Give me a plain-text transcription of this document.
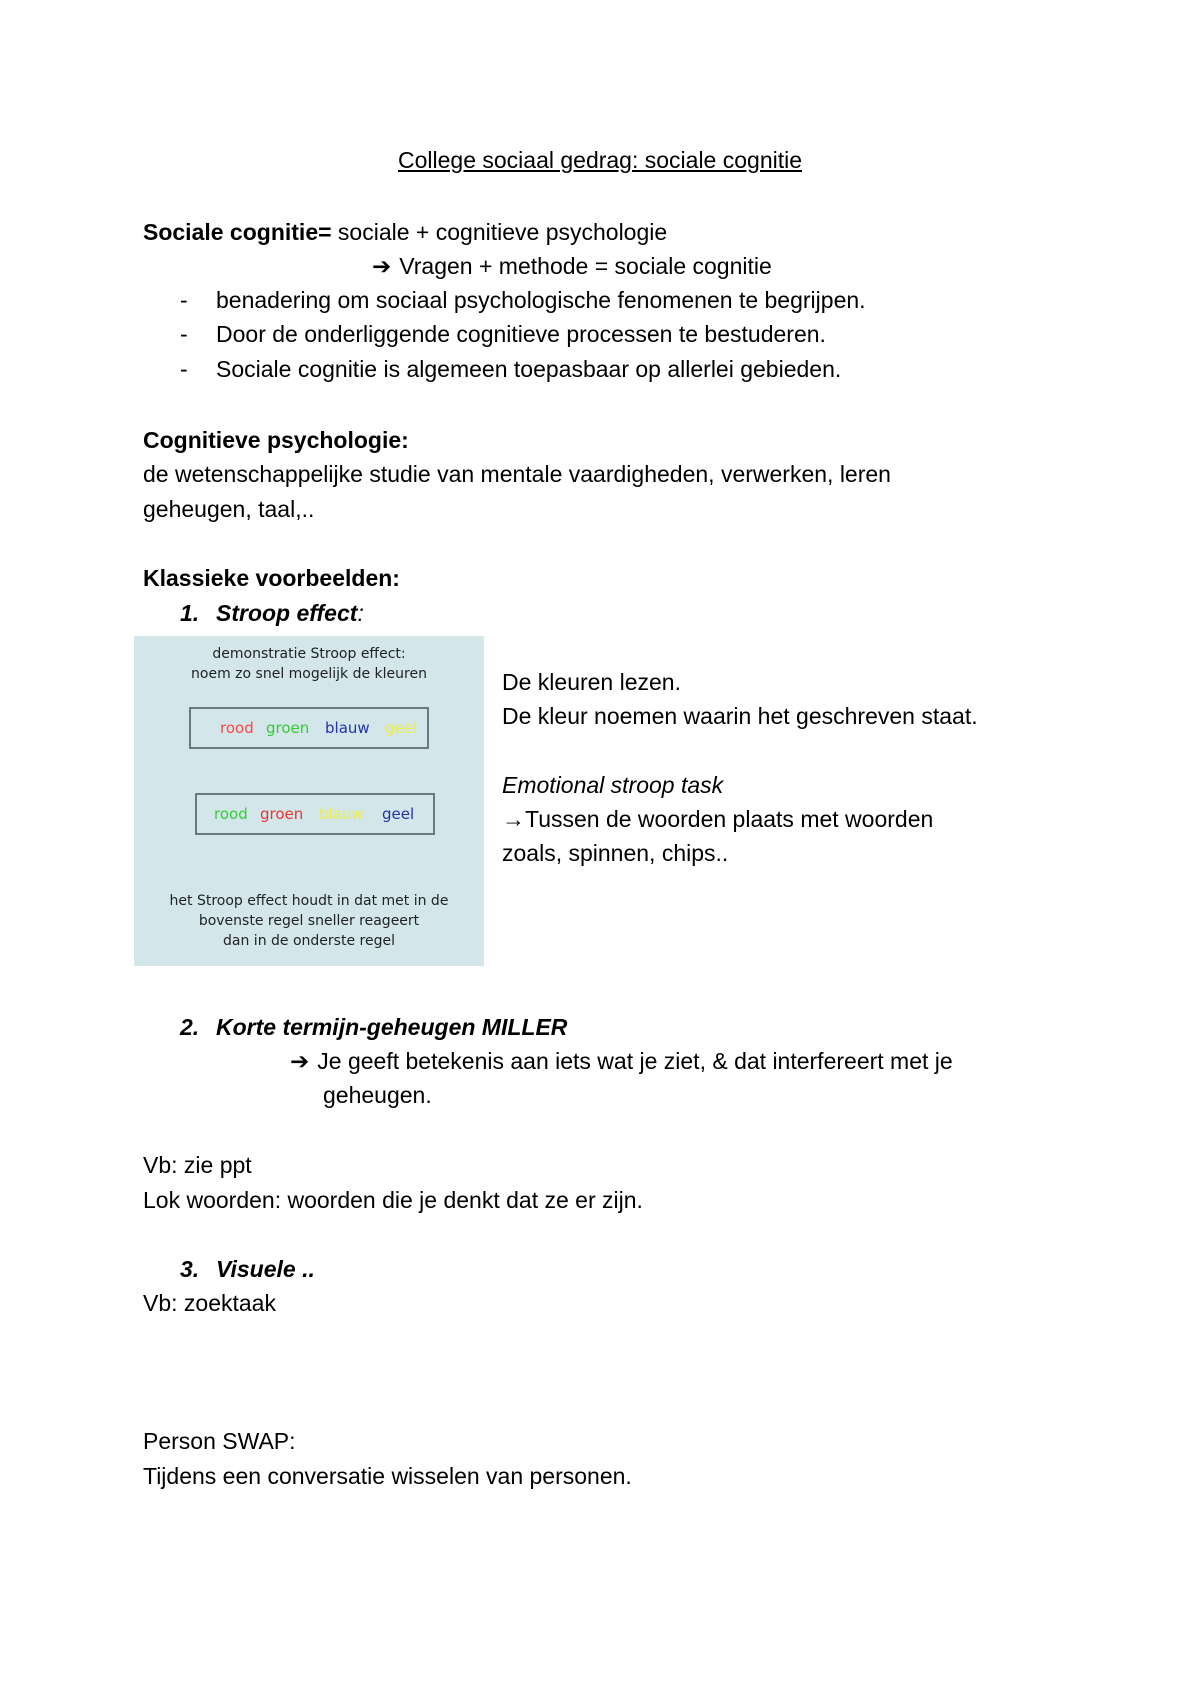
College sociaal gedrag: sociale cognitie
Sociale cognitie= sociale + cognitieve psychologie
➔ Vragen + methode = sociale cognitie
- benadering om sociaal psychologische fenomenen te begrijpen.
- Door de onderliggende cognitieve processen te bestuderen.
- Sociale cognitie is algemeen toepasbaar op allerlei gebieden.
Cognitieve psychologie:
de wetenschappelijke studie van mentale vaardigheden, verwerken, leren
geheugen, taal,..
Klassieke voorbeelden:
1. Stroop effect:
demonstratie Stroop effect:
noem zo snel mogelijk de kleuren
rood groen blauw geel
rood groen blauw geel
het Stroop effect houdt in dat met in de
bovenste regel sneller reageert
dan in de onderste regel
De kleuren lezen.
De kleur noemen waarin het geschreven staat.
Emotional stroop task
→Tussen de woorden plaats met woorden
zoals, spinnen, chips..
2. Korte termijn-geheugen MILLER
➔ Je geeft betekenis aan iets wat je ziet, & dat interfereert met je
geheugen.
Vb: zie ppt
Lok woorden: woorden die je denkt dat ze er zijn.
3. Visuele ..
Vb: zoektaak
Person SWAP:
Tijdens een conversatie wisselen van personen.
